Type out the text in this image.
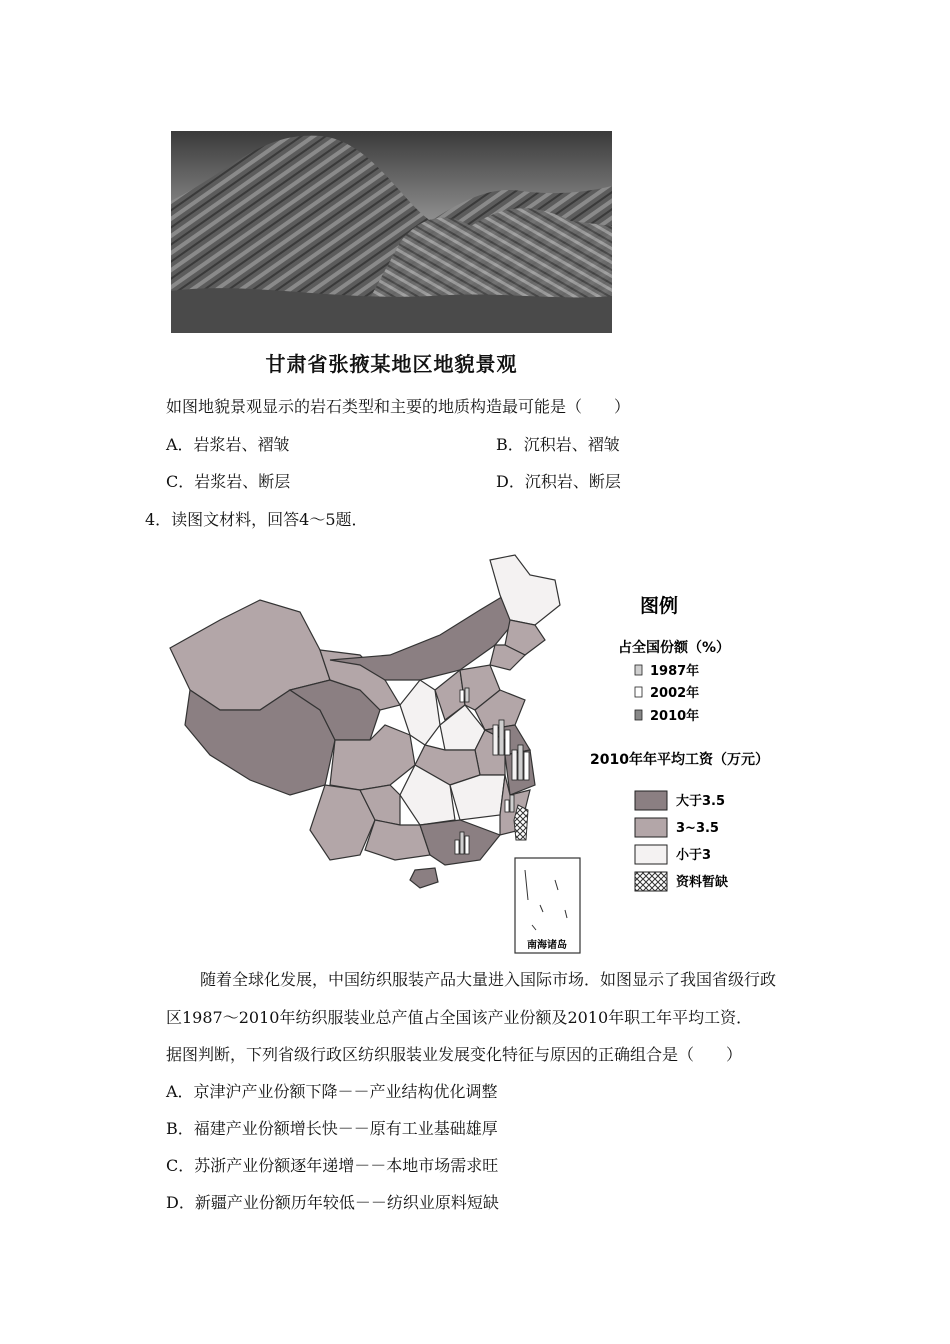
甘肃省张掖某地区地貌景观
如图地貌景观显示的岩石类型和主要的地质构造最可能是（　　）
A．岩浆岩、褶皱	B．沉积岩、褶皱
C．岩浆岩、断层	D．沉积岩、断层
4．读图文材料，回答4～5题．
南海诸岛
图例
占全国份额（%）
1987年
2002年
2010年
2010年年平均工资（万元）
大于3.5
3~3.5
小于3
资料暂缺
随着全球化发展，中国纺织服装产品大量进入国际市场．如图显示了我国省级行政
区1987～2010年纺织服装业总产值占全国该产业份额及2010年职工年平均工资．
据图判断，下列省级行政区纺织服装业发展变化特征与原因的正确组合是（　　）
A．京津沪产业份额下降－－产业结构优化调整
B．福建产业份额增长快－－原有工业基础雄厚
C．苏浙产业份额逐年递增－－本地市场需求旺
D．新疆产业份额历年较低－－纺织业原料短缺
